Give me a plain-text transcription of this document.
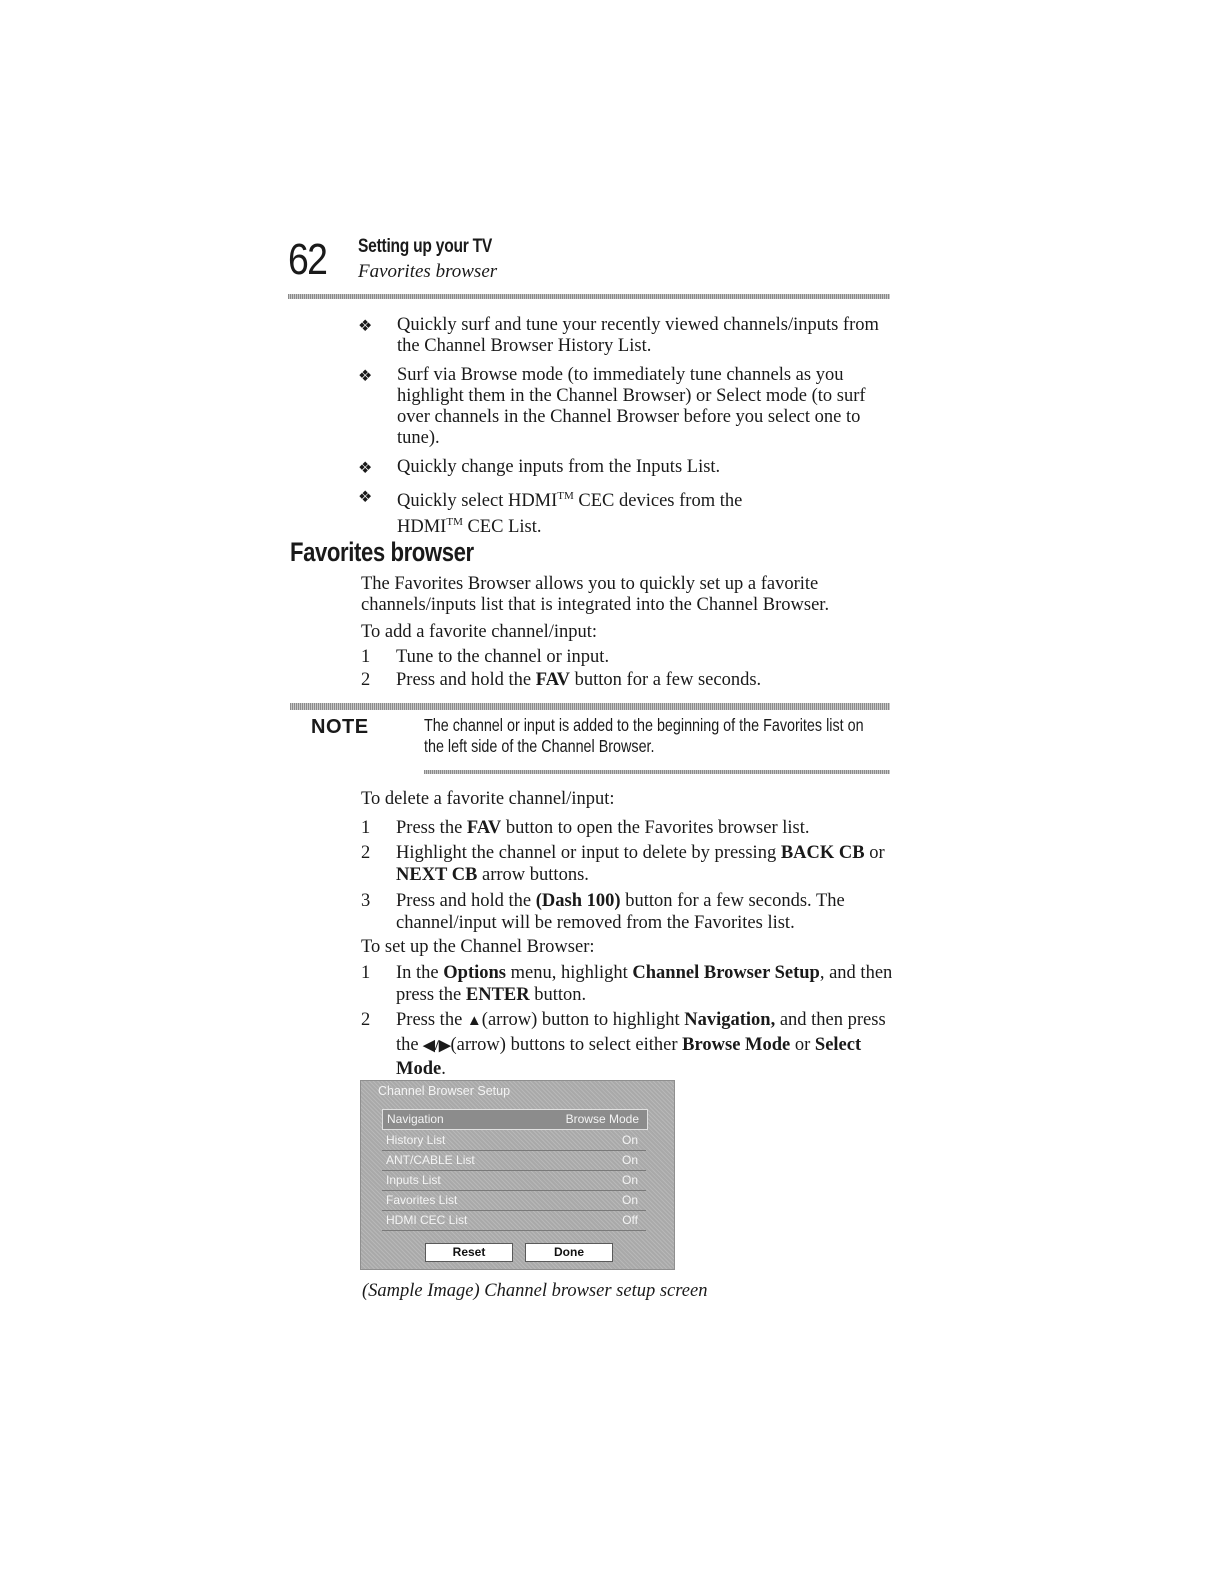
62 Setting up your TV
Favorites browser
❖ Quickly surf and tune your recently viewed channels/inputs from the Channel Browser History List.
❖ Surf via Browse mode (to immediately tune channels as you highlight them in the Channel Browser) or Select mode (to surf over channels in the Channel Browser before you select one to tune).
❖ Quickly change inputs from the Inputs List.
❖ Quickly select HDMI™ CEC devices from the
HDMI™ CEC List.
Favorites browser
The Favorites Browser allows you to quickly set up a favorite channels/inputs list that is integrated into the Channel Browser.
To add a favorite channel/input:
1	Tune to the channel or input.
2	Press and hold the FAV button for a few seconds.
NOTE	The channel or input is added to the beginning of the Favorites list on the left side of the Channel Browser.
To delete a favorite channel/input:
1	Press the FAV button to open the Favorites browser list.
2	Highlight the channel or input to delete by pressing BACK CB or NEXT CB arrow buttons.
3	Press and hold the (Dash 100) button for a few seconds. The channel/input will be removed from the Favorites list.
To set up the Channel Browser:
1	In the Options menu, highlight Channel Browser Setup, and then press the ENTER button.
2	Press the ▲(arrow) button to highlight Navigation, and then press the ◀/▶(arrow) buttons to select either Browse Mode or Select Mode.
Channel Browser Setup
Navigation	Browse Mode
History List	On
ANT/CABLE List	On
Inputs List	On
Favorites List	On
HDMI CEC List	Off
Reset	Done
(Sample Image) Channel browser setup screen
